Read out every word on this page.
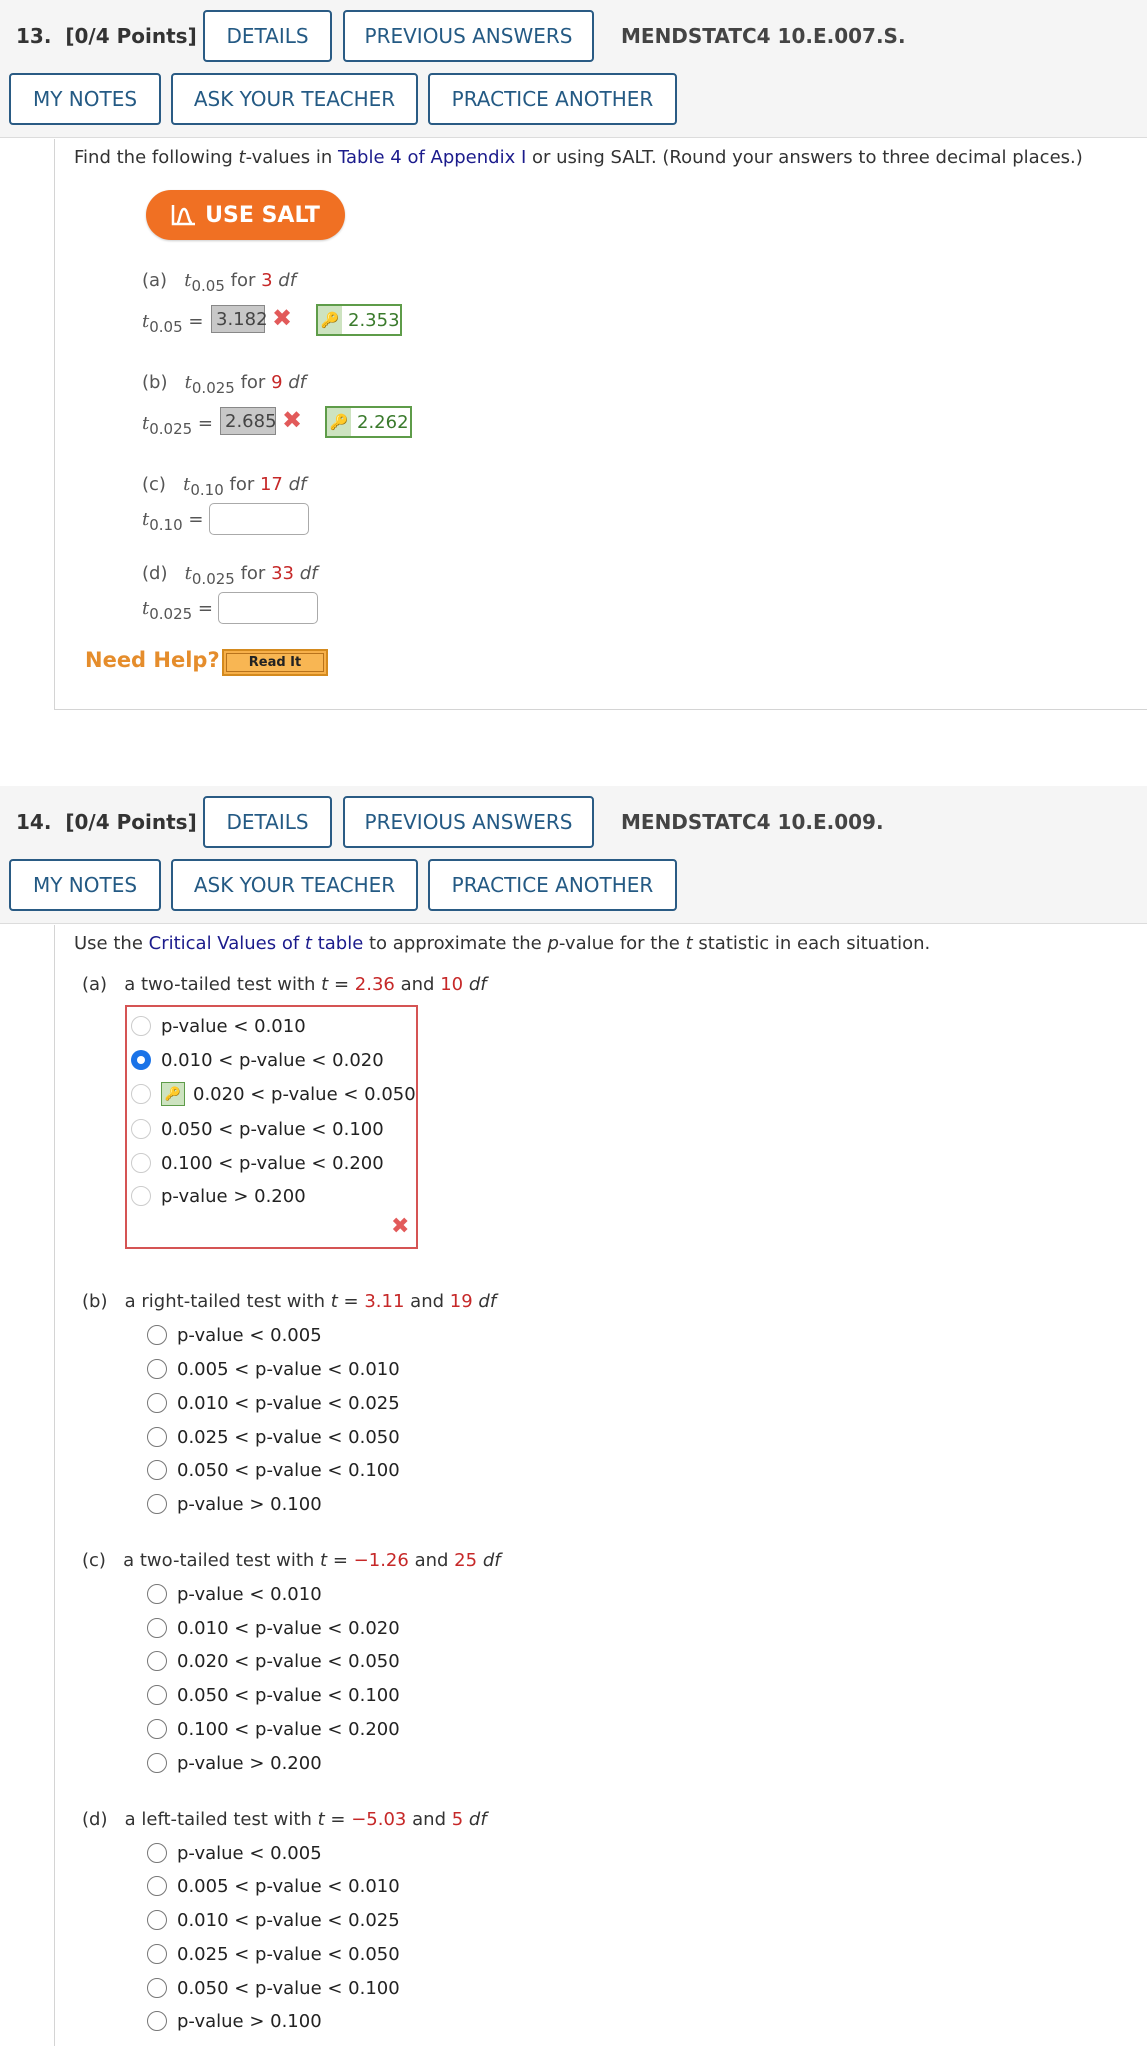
13. [0/4 Points]	DETAILS	PREVIOUS ANSWERS	MENDSTATC4 10.E.007.S.
MY NOTES	ASK YOUR TEACHER	PRACTICE ANOTHER
Find the following t-values in Table 4 of Appendix I or using SALT. (Round your answers to three decimal places.)
USE SALT
(a) $t_{0.05}$ for 3 df
$t_{0.05} = 3.182$ ✖ 🔑 2.353
(b) $t_{0.025}$ for 9 df
$t_{0.025} = 2.685$ ✖ 🔑 2.262
(c) $t_{0.10}$ for 17 df
$t_{0.10}$ =
(d) $t_{0.025}$ for 33 df
$t_{0.025}$ =
Need Help? Read It
14. [0/4 Points]	DETAILS	PREVIOUS ANSWERS	MENDSTATC4 10.E.009.
MY NOTES	ASK YOUR TEACHER	PRACTICE ANOTHER
Use the Critical Values of t table to approximate the p-value for the t statistic in each situation.
(a) a two-tailed test with t = 2.36 and 10 df
p-value < 0.010
0.010 < p-value < 0.020
🔑 0.020 < p-value < 0.050
0.050 < p-value < 0.100
0.100 < p-value < 0.200
p-value > 0.200
✖
(b) a right-tailed test with t = 3.11 and 19 df
p-value < 0.005
0.005 < p-value < 0.010
0.010 < p-value < 0.025
0.025 < p-value < 0.050
0.050 < p-value < 0.100
p-value > 0.100
(c) a two-tailed test with t = −1.26 and 25 df
p-value < 0.010
0.010 < p-value < 0.020
0.020 < p-value < 0.050
0.050 < p-value < 0.100
0.100 < p-value < 0.200
p-value > 0.200
(d) a left-tailed test with t = −5.03 and 5 df
p-value < 0.005
0.005 < p-value < 0.010
0.010 < p-value < 0.025
0.025 < p-value < 0.050
0.050 < p-value < 0.100
p-value > 0.100
